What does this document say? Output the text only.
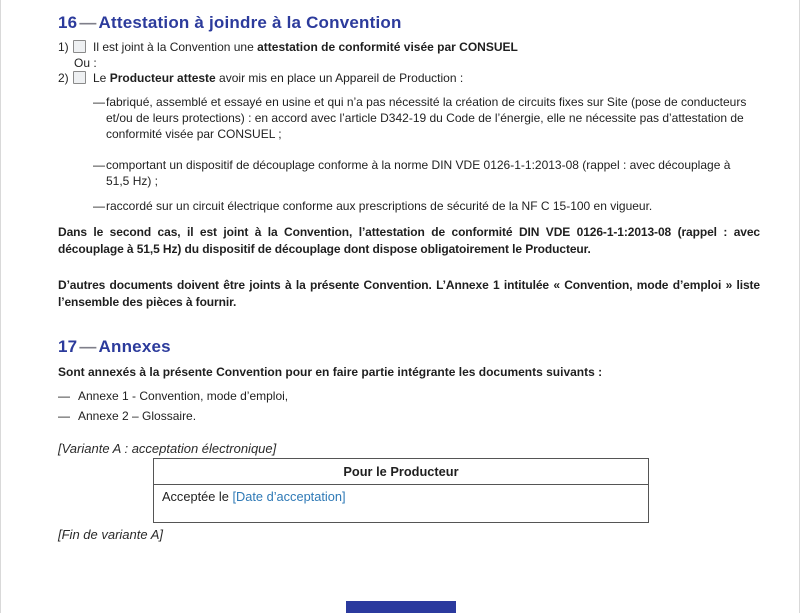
16 — Attestation à joindre à la Convention
1)	Il est joint à la Convention une attestation de conformité visée par CONSUEL
Ou :
2)	Le Producteur atteste avoir mis en place un Appareil de Production :
— fabriqué, assemblé et essayé en usine et qui n’a pas nécessité la création de circuits fixes sur Site (pose de conducteurs et/ou de leurs protections) : en accord avec l’article D342-19 du Code de l’énergie, elle ne nécessite pas d’attestation de conformité visée par CONSUEL ;
— comportant un dispositif de découplage conforme à la norme DIN VDE 0126-1-1:2013-08 (rappel : avec découplage à 51,5 Hz) ;
— raccordé sur un circuit électrique conforme aux prescriptions de sécurité de la NF C 15-100 en vigueur.
Dans le second cas, il est joint à la Convention, l’attestation de conformité DIN VDE 0126-1-1:2013-08 (rappel : avec découplage à 51,5 Hz) du dispositif de découplage dont dispose obligatoirement le Producteur.
D’autres documents doivent être joints à la présente Convention. L’Annexe 1 intitulée « Convention, mode d’emploi » liste l’ensemble des pièces à fournir.
17 — Annexes
Sont annexés à la présente Convention pour en faire partie intégrante les documents suivants :
— Annexe 1 - Convention, mode d’emploi,
— Annexe 2 – Glossaire.
[Variante A : acceptation électronique]
Pour le Producteur
Acceptée le [Date d’acceptation]
[Fin de variante A]
